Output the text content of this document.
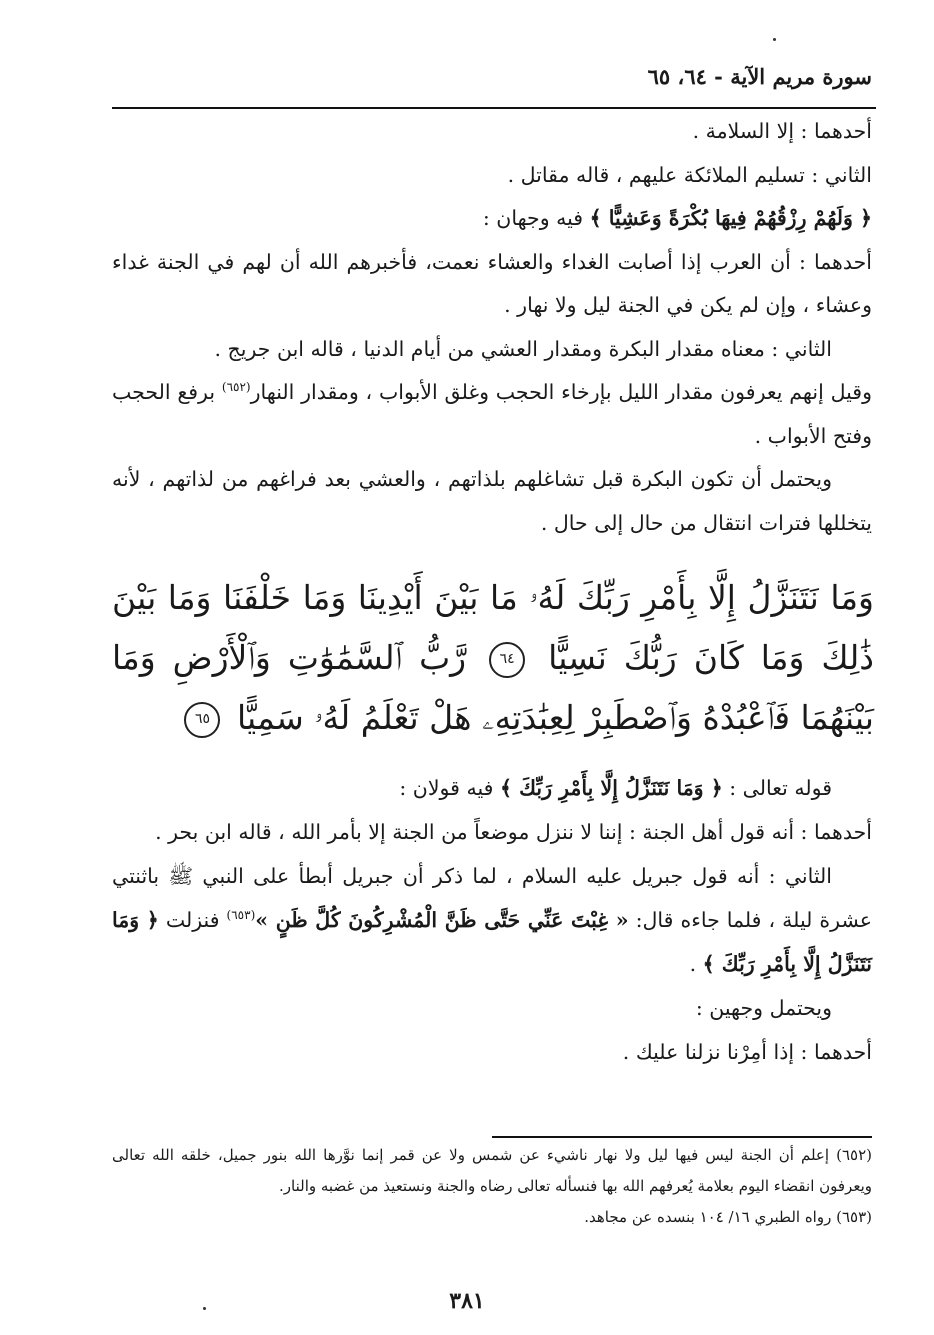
سورة مريم الآية - ٦٤، ٦٥

أحدهما : إلا السلامة .

الثاني : تسليم الملائكة عليهم ، قاله مقاتل .

﴿ وَلَهُمْ رِزْقُهُمْ فِيهَا بُكْرَةً وَعَشِيًّا ﴾ فيه وجهان :

أحدهما : أن العرب إذا أصابت الغداء والعشاء نعمت، فأخبرهم الله أن لهم في الجنة غداء وعشاء ، وإن لم يكن في الجنة ليل ولا نهار .

الثاني : معناه مقدار البكرة ومقدار العشي من أيام الدنيا ، قاله ابن جريج .

وقيل إنهم يعرفون مقدار الليل بإرخاء الحجب وغلق الأبواب ، ومقدار النهار$^{(٦٥٢)}$ برفع الحجب وفتح الأبواب .

ويحتمل أن تكون البكرة قبل تشاغلهم بلذاتهم ، والعشي بعد فراغهم من لذاتهم ، لأنه يتخللها فترات انتقال من حال إلى حال .

وَمَا نَتَنَزَّلُ إِلَّا بِأَمْرِ رَبِّكَ لَهُۥ مَا بَيْنَ أَيْدِينَا وَمَا خَلْفَنَا وَمَا بَيْنَ ذَٰلِكَ وَمَا كَانَ رَبُّكَ نَسِيًّا ٦٤ رَّبُّ ٱلسَّمَٰوَٰتِ وَٱلْأَرْضِ وَمَا بَيْنَهُمَا فَٱعْبُدْهُ وَٱصْطَبِرْ لِعِبَٰدَتِهِۦ هَلْ تَعْلَمُ لَهُۥ سَمِيًّا ٦٥

قوله تعالى : ﴿ وَمَا نَتَنَزَّلُ إِلَّا بِأَمْرِ رَبِّكَ ﴾ فيه قولان :

أحدهما : أنه قول أهل الجنة : إننا لا ننزل موضعاً من الجنة إلا بأمر الله ، قاله ابن بحر .

الثاني : أنه قول جبريل عليه السلام ، لما ذكر أن جبريل أبطأ على النبي ﷺ باثنتي عشرة ليلة ، فلما جاءه قال: « غِبْتَ عَنِّي حَتَّى ظَنَّ الْمُشْرِكُونَ كُلَّ ظَنٍ »$^{(٦٥٣)}$ فنزلت ﴿ وَمَا نَتَنَزَّلُ إِلَّا بِأَمْرِ رَبِّكَ ﴾ .

ويحتمل وجهين :

أحدهما : إذا أمِرْنا نزلنا عليك .

(٦٥٢) إعلم أن الجنة ليس فيها ليل ولا نهار ناشيء عن شمس ولا عن قمر إنما نوَّرها الله بنور جميل، خلقه الله تعالى ويعرفون انقضاء اليوم بعلامة يُعرفهم الله بها فنسأله تعالى رضاه والجنة ونستعيذ من غضبه والنار.

(٦٥٣) رواه الطبري ١٦/ ١٠٤ بنسده عن مجاهد.

٣٨١
